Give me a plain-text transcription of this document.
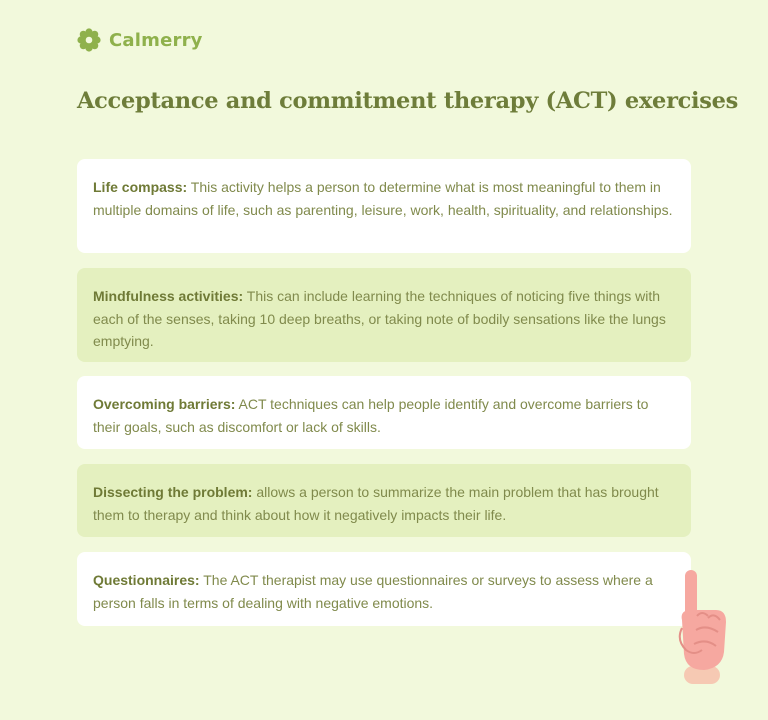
Calmerry
Acceptance and commitment therapy (ACT) exercises
Life compass: This activity helps a person to determine what is most meaningful to them in multiple domains of life, such as parenting, leisure, work, health, spirituality, and relationships.
Mindfulness activities: This can include learning the techniques of noticing five things with each of the senses, taking 10 deep breaths, or taking note of bodily sensations like the lungs emptying.
Overcoming barriers: ACT techniques can help people identify and overcome barriers to their goals, such as discomfort or lack of skills.
Dissecting the problem: allows a person to summarize the main problem that has brought them to therapy and think about how it negatively impacts their life.
Questionnaires: The ACT therapist may use questionnaires or surveys to assess where a person falls in terms of dealing with negative emotions.
